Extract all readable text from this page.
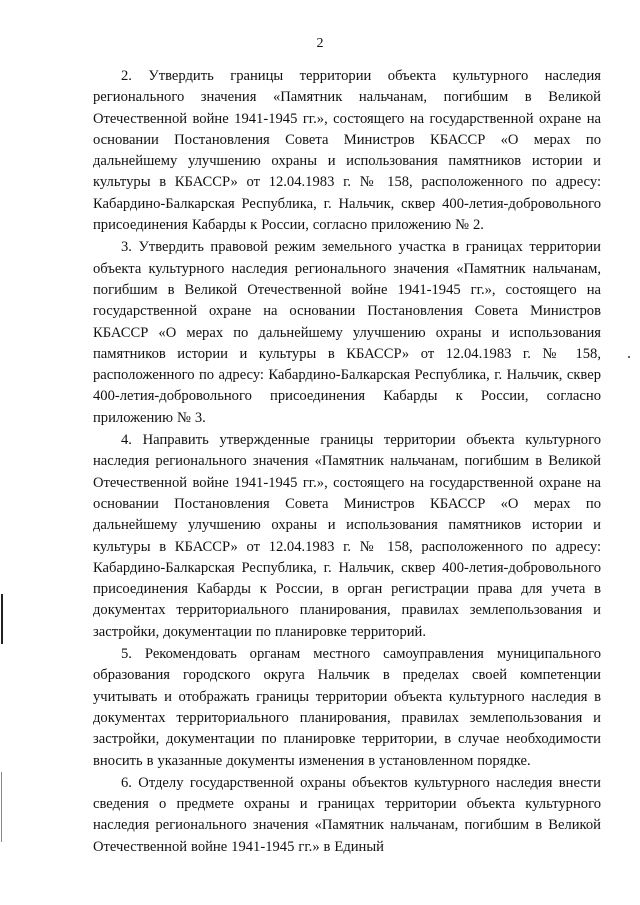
2

2. Утвердить границы территории объекта культурного наследия регионального значения «Памятник нальчанам, погибшим в Великой Отечественной войне 1941-1945 гг.», состоящего на государственной охране на основании Постановления Совета Министров КБАССР «О мерах по дальнейшему улучшению охраны и использования памятников истории и культуры в КБАССР» от 12.04.1983 г. № 158, расположенного по адресу: Кабардино-Балкарская Республика, г. Нальчик, сквер 400-летия-добровольного присоединения Кабарды к России, согласно приложению № 2.

3. Утвердить правовой режим земельного участка в границах территории объекта культурного наследия регионального значения «Памятник нальчанам, погибшим в Великой Отечественной войне 1941-1945 гг.», состоящего на государственной охране на основании Постановления Совета Министров КБАССР «О мерах по дальнейшему улучшению охраны и использования памятников истории и культуры в КБАССР» от 12.04.1983 г. № 158, расположенного по адресу: Кабардино-Балкарская Республика, г. Нальчик, сквер 400-летия-добровольного присоединения Кабарды к России, согласно приложению № 3.

4. Направить утвержденные границы территории объекта культурного наследия регионального значения «Памятник нальчанам, погибшим в Великой Отечественной войне 1941-1945 гг.», состоящего на государственной охране на основании Постановления Совета Министров КБАССР «О мерах по дальнейшему улучшению охраны и использования памятников истории и культуры в КБАССР» от 12.04.1983 г. № 158, расположенного по адресу: Кабардино-Балкарская Республика, г. Нальчик, сквер 400-летия-добровольного присоединения Кабарды к России, в орган регистрации права для учета в документах территориального планирования, правилах землепользования и застройки, документации по планировке территорий.

5. Рекомендовать органам местного самоуправления муниципального образования городского округа Нальчик в пределах своей компетенции учитывать и отображать границы территории объекта культурного наследия в документах территориального планирования, правилах землепользования и застройки, документации по планировке территории, в случае необходимости вносить в указанные документы изменения в установленном порядке.

6. Отделу государственной охраны объектов культурного наследия внести сведения о предмете охраны и границах территории объекта культурного наследия регионального значения «Памятник нальчанам, погибшим в Великой Отечественной войне 1941-1945 гг.» в Единый
